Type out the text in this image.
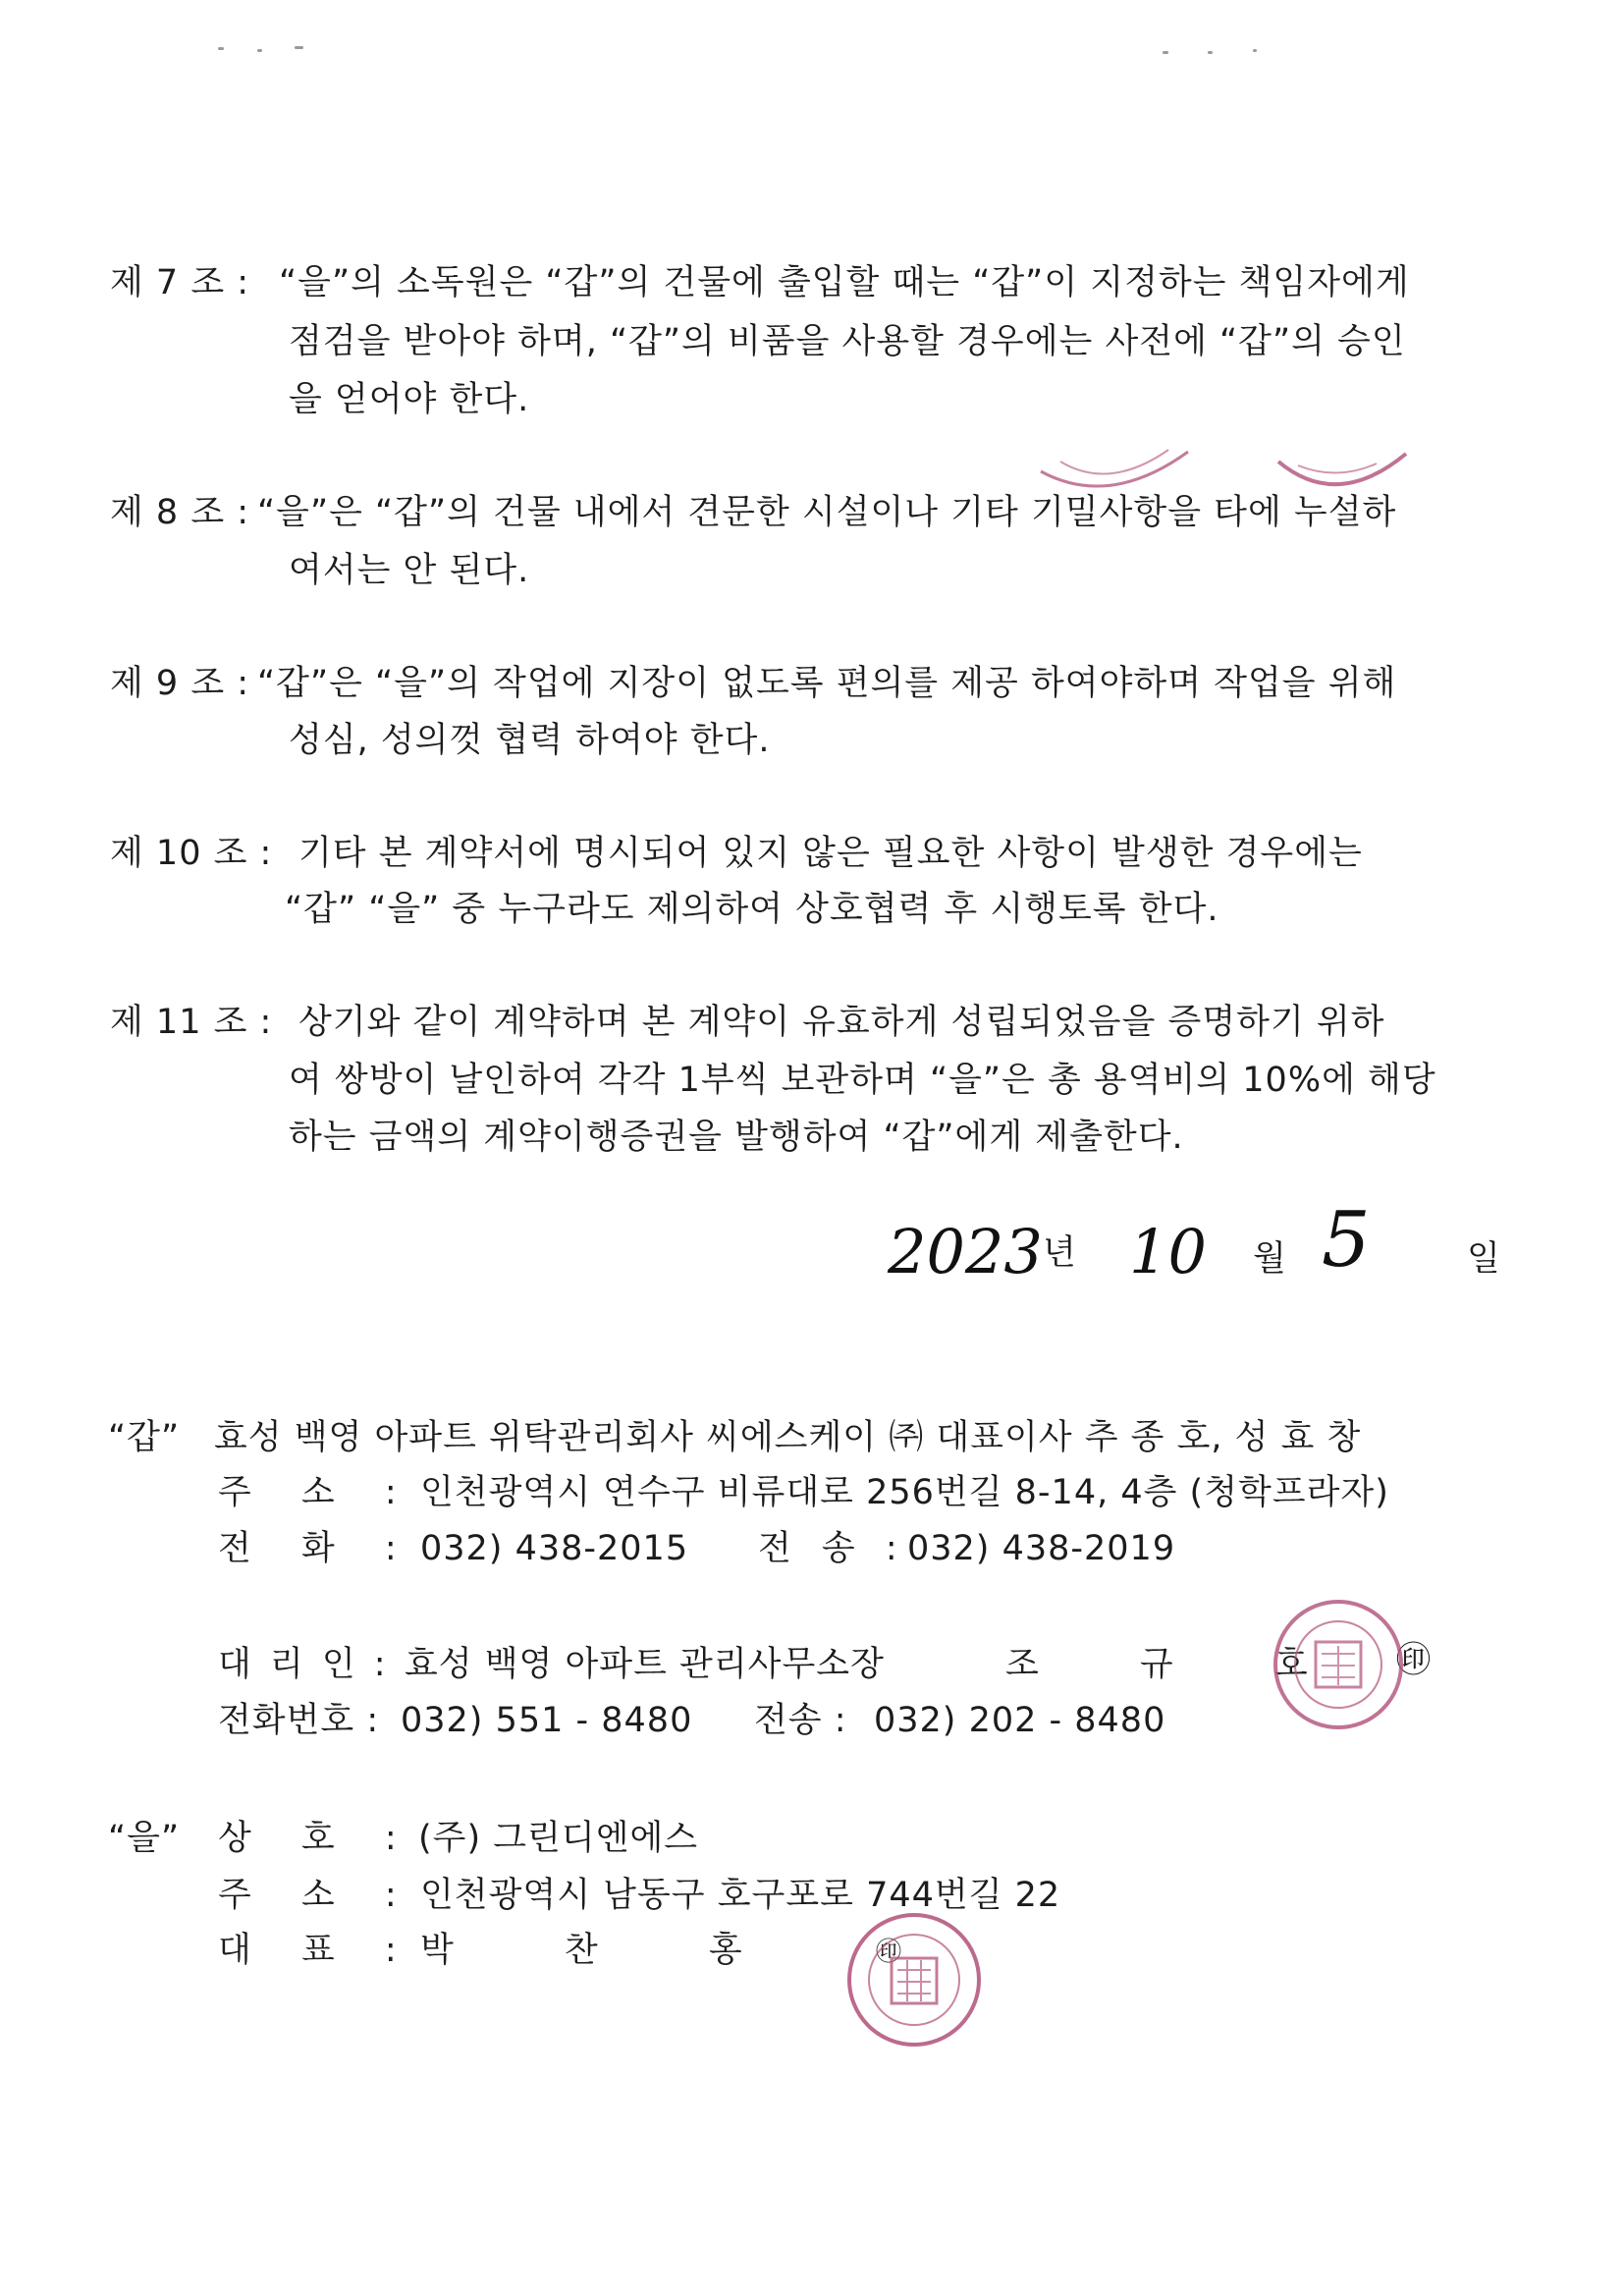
제 7 조 : “을”의 소독원은 “갑”의 건물에 출입할 때는 “갑”이 지정하는 책임자에게
점검을 받아야 하며, “갑”의 비품을 사용할 경우에는 사전에 “갑”의 승인
을 얻어야 한다.
제 8 조 : “을”은 “갑”의 건물 내에서 견문한 시설이나 기타 기밀사항을 타에 누설하
여서는 안 된다.
제 9 조 : “갑”은 “을”의 작업에 지장이 없도록 편의를 제공 하여야하며 작업을 위해
성심, 성의껏 협력 하여야 한다.
제 10 조 : 기타 본 계약서에 명시되어 있지 않은 필요한 사항이 발생한 경우에는
“갑” “을” 중 누구라도 제의하여 상호협력 후 시행토록 한다.
제 11 조 : 상기와 같이 계약하며 본 계약이 유효하게 성립되었음을 증명하기 위하
여 쌍방이 날인하여 각각 1부씩 보관하며 “을”은 총 용역비의 10%에 해당
하는 금액의 계약이행증권을 발행하여 “갑”에게 제출한다.
2023 년 10 월 5	일
“갑” 효성 백영 아파트 위탁관리회사 씨에스케이 ㈜ 대표이사 추 종 호, 성 효 창
주 소 : 인천광역시 연수구 비류대로 256번길 8-14, 4층 (청학프라자)
전 화 : 032) 438-2015 전 송 : 032) 438-2019
대 리 인 : 효성 백영 아파트 관리사무소장	조 규 호	㊞
전화번호 : 032) 551 - 8480 전송 : 032) 202 - 8480
“을” 상 호 : (주) 그린디엔에스
주 소 : 인천광역시 남동구 호구포로 744번길 22
대 표 : 박 찬 홍	㊞
